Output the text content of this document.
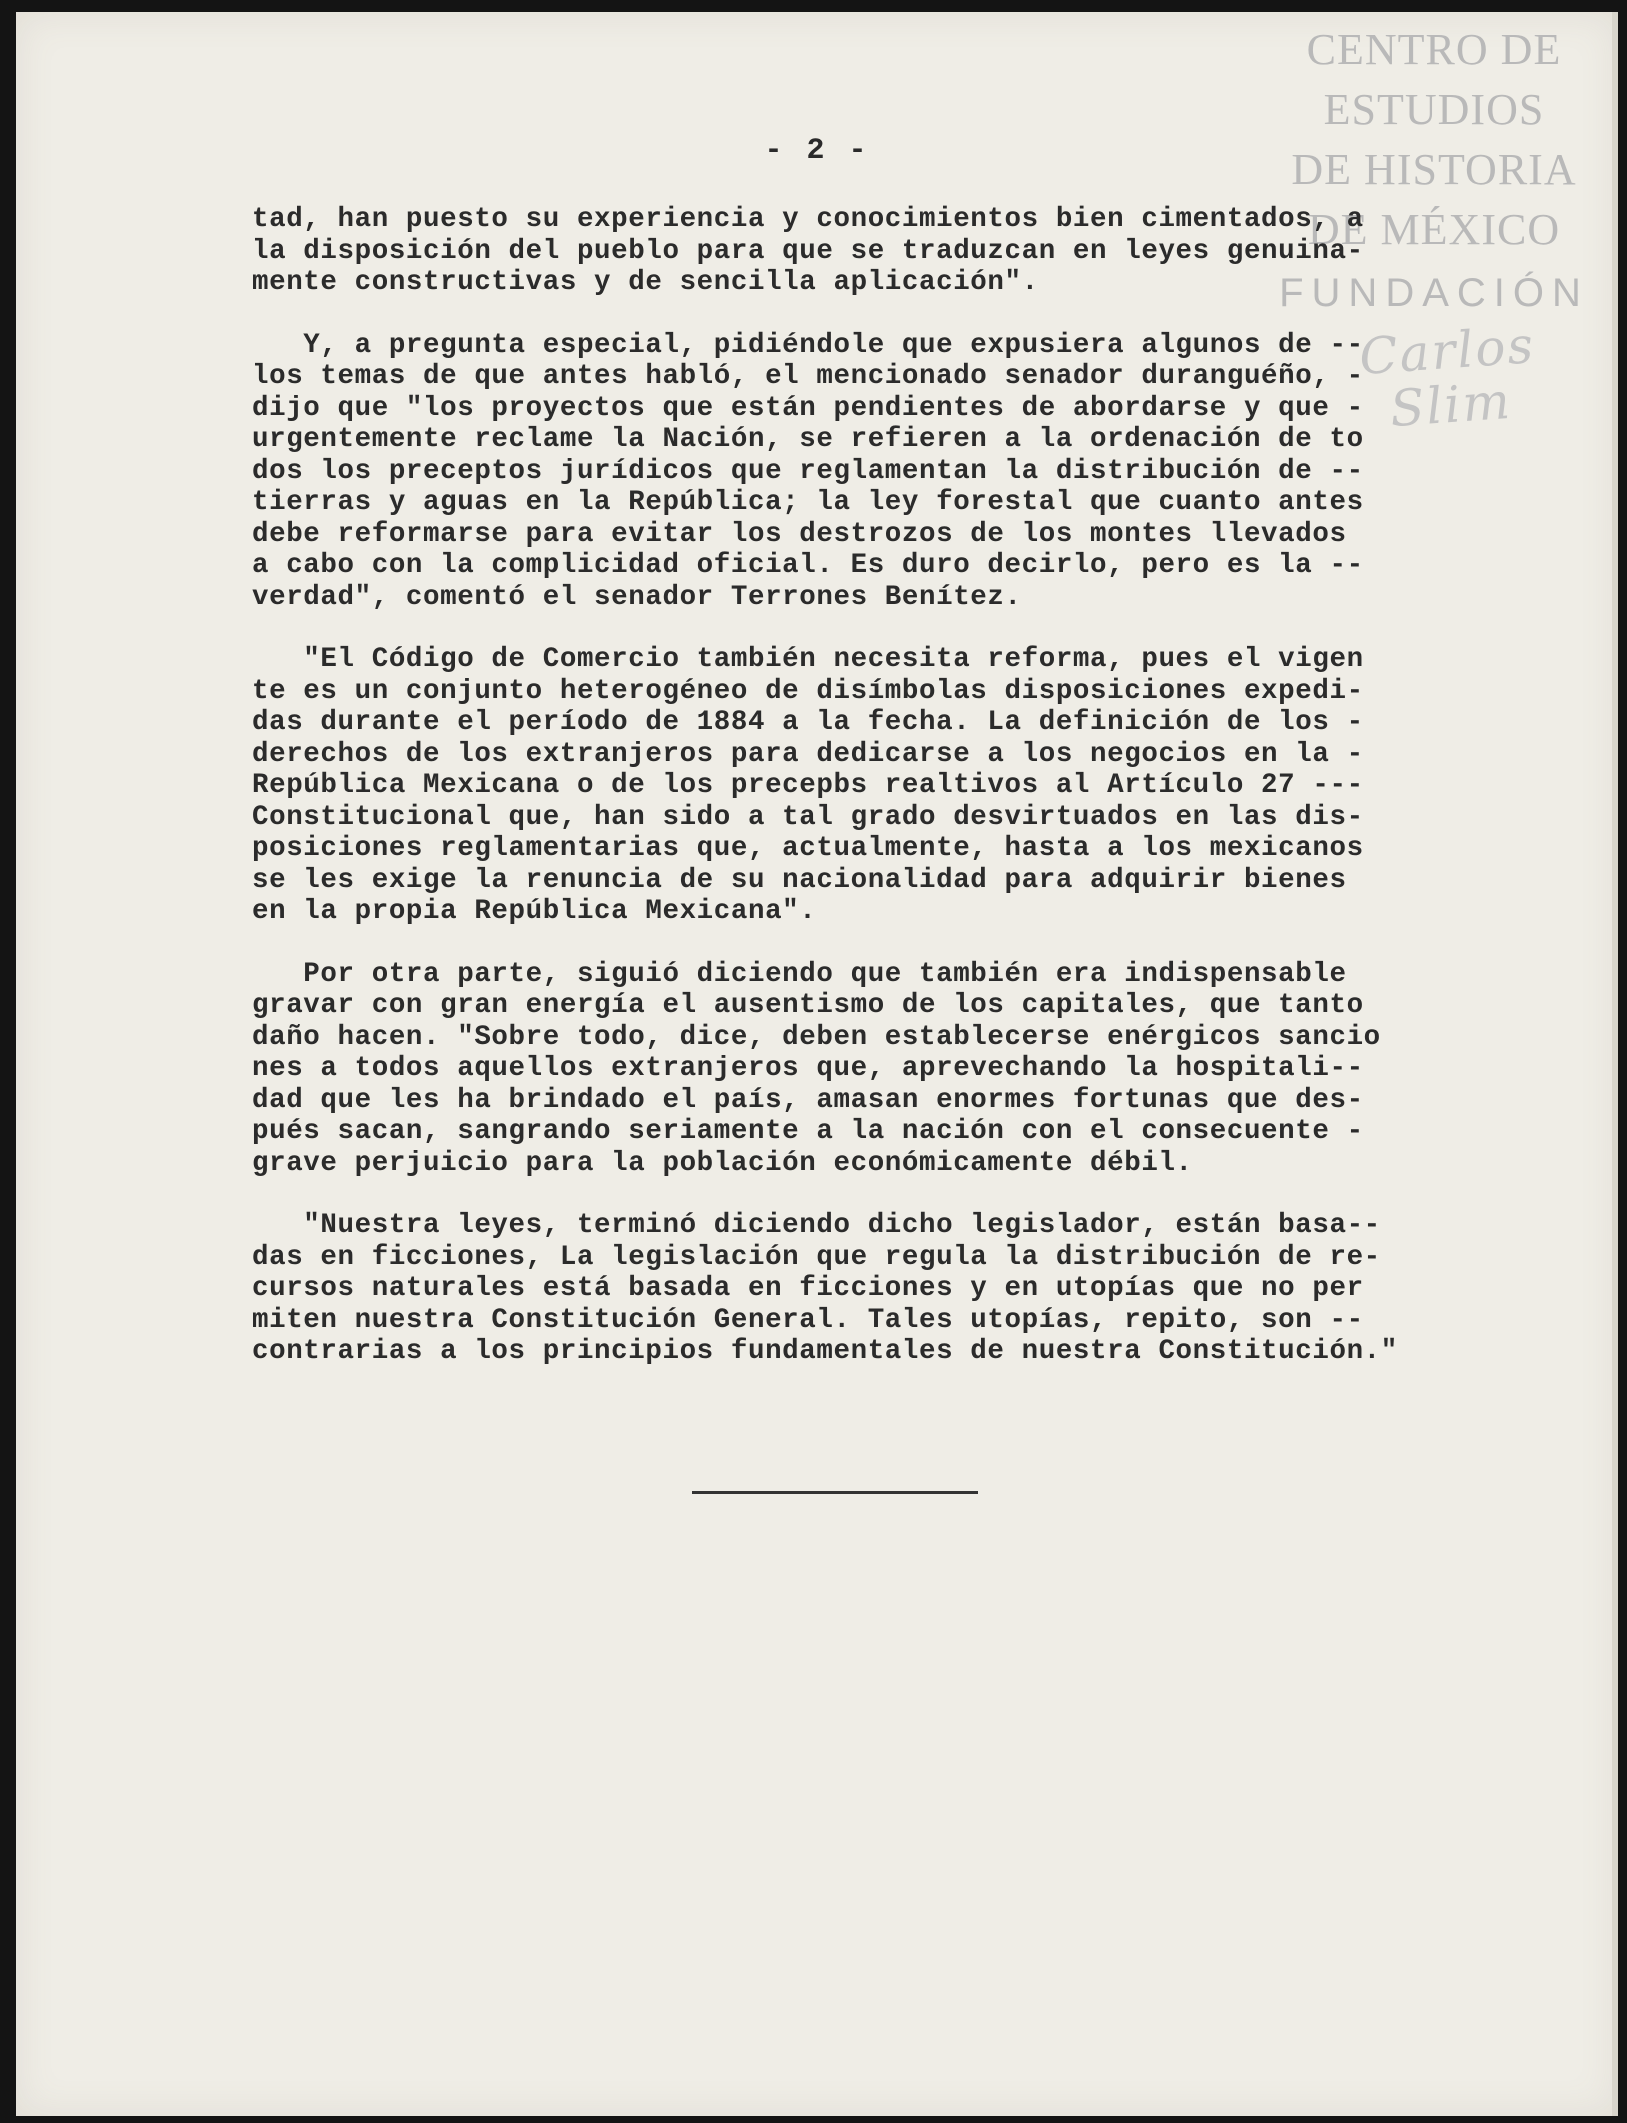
CENTRO DE
ESTUDIOS
DE HISTORIA
DE MÉXICO
FUNDACIÓN
Carlos Slim
- 2 -
tad, han puesto su experiencia y conocimientos bien cimentados, a
la disposición del pueblo para que se traduzcan en leyes genuina-
mente constructivas y de sencilla aplicación".
Y, a pregunta especial, pidiéndole que expusiera algunos de --
los temas de que antes habló, el mencionado senador duranguéño, -
dijo que "los proyectos que están pendientes de abordarse y que -
urgentemente reclame la Nación, se refieren a la ordenación de to
dos los preceptos jurídicos que reglamentan la distribución de --
tierras y aguas en la República; la ley forestal que cuanto antes
debe reformarse para evitar los destrozos de los montes llevados
a cabo con la complicidad oficial. Es duro decirlo, pero es la --
verdad", comentó el senador Terrones Benítez.
"El Código de Comercio también necesita reforma, pues el vigen
te es un conjunto heterogéneo de disímbolas disposiciones expedi-
das durante el período de 1884 a la fecha. La definición de los -
derechos de los extranjeros para dedicarse a los negocios en la -
República Mexicana o de los precepbs realtivos al Artículo 27 ---
Constitucional que, han sido a tal grado desvirtuados en las dis-
posiciones reglamentarias que, actualmente, hasta a los mexicanos
se les exige la renuncia de su nacionalidad para adquirir bienes
en la propia República Mexicana".
Por otra parte, siguió diciendo que también era indispensable
gravar con gran energía el ausentismo de los capitales, que tanto
daño hacen. "Sobre todo, dice, deben establecerse enérgicos sancio
nes a todos aquellos extranjeros que, aprevechando la hospitali--
dad que les ha brindado el país, amasan enormes fortunas que des-
pués sacan, sangrando seriamente a la nación con el consecuente -
grave perjuicio para la población económicamente débil.
"Nuestra leyes, terminó diciendo dicho legislador, están basa--
das en ficciones, La legislación que regula la distribución de re-
cursos naturales está basada en ficciones y en utopías que no per
miten nuestra Constitución General. Tales utopías, repito, son --
contrarias a los principios fundamentales de nuestra Constitución."
